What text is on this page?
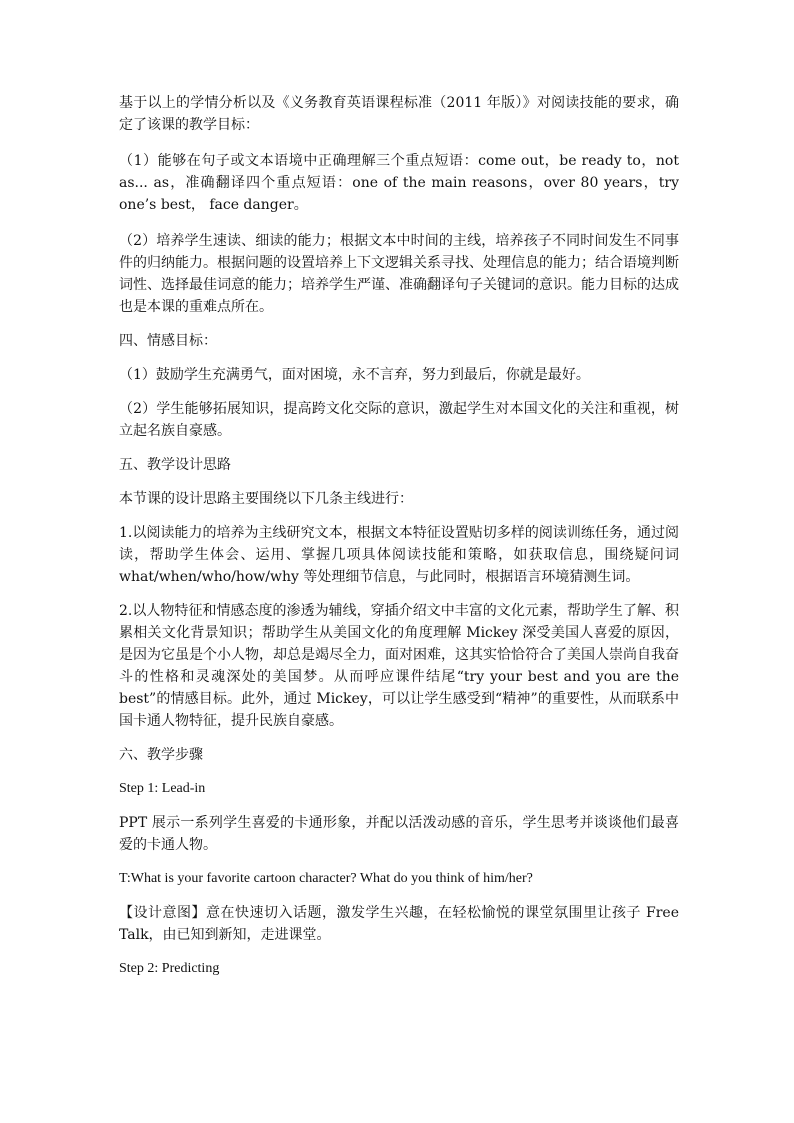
基于以上的学情分析以及《义务教育英语课程标准（2011 年版）》对阅读技能的要求，确定了该课的教学目标：

（1）能够在句子或文本语境中正确理解三个重点短语：come out，be ready to，not as... as，准确翻译四个重点短语：one of the main reasons，over 80 years，try one’s best， face danger。

（2）培养学生速读、细读的能力；根据文本中时间的主线，培养孩子不同时间发生不同事件的归纳能力。根据问题的设置培养上下文逻辑关系寻找、处理信息的能力；结合语境判断词性、选择最佳词意的能力；培养学生严谨、准确翻译句子关键词的意识。能力目标的达成也是本课的重难点所在。

四、情感目标：

（1）鼓励学生充满勇气，面对困境，永不言弃，努力到最后，你就是最好。

（2）学生能够拓展知识，提高跨文化交际的意识，激起学生对本国文化的关注和重视，树立起名族自豪感。

五、教学设计思路

本节课的设计思路主要围绕以下几条主线进行：

1.以阅读能力的培养为主线研究文本，根据文本特征设置贴切多样的阅读训练任务，通过阅读，帮助学生体会、运用、掌握几项具体阅读技能和策略，如获取信息，围绕疑问词 what/when/who/how/why 等处理细节信息，与此同时，根据语言环境猜测生词。

2.以人物特征和情感态度的渗透为辅线，穿插介绍文中丰富的文化元素，帮助学生了解、积累相关文化背景知识；帮助学生从美国文化的角度理解 Mickey 深受美国人喜爱的原因，是因为它虽是个小人物，却总是竭尽全力，面对困难，这其实恰恰符合了美国人崇尚自我奋斗的性格和灵魂深处的美国梦。从而呼应课件结尾“try your best and you are the best”的情感目标。此外，通过 Mickey，可以让学生感受到“精神”的重要性，从而联系中国卡通人物特征，提升民族自豪感。

六、教学步骤

Step 1: Lead-in

PPT 展示一系列学生喜爱的卡通形象，并配以活泼动感的音乐，学生思考并谈谈他们最喜爱的卡通人物。

T:What is your favorite cartoon character? What do you think of him/her?

【设计意图】意在快速切入话题，激发学生兴趣，在轻松愉悦的课堂氛围里让孩子 Free Talk，由已知到新知，走进课堂。

Step 2: Predicting
